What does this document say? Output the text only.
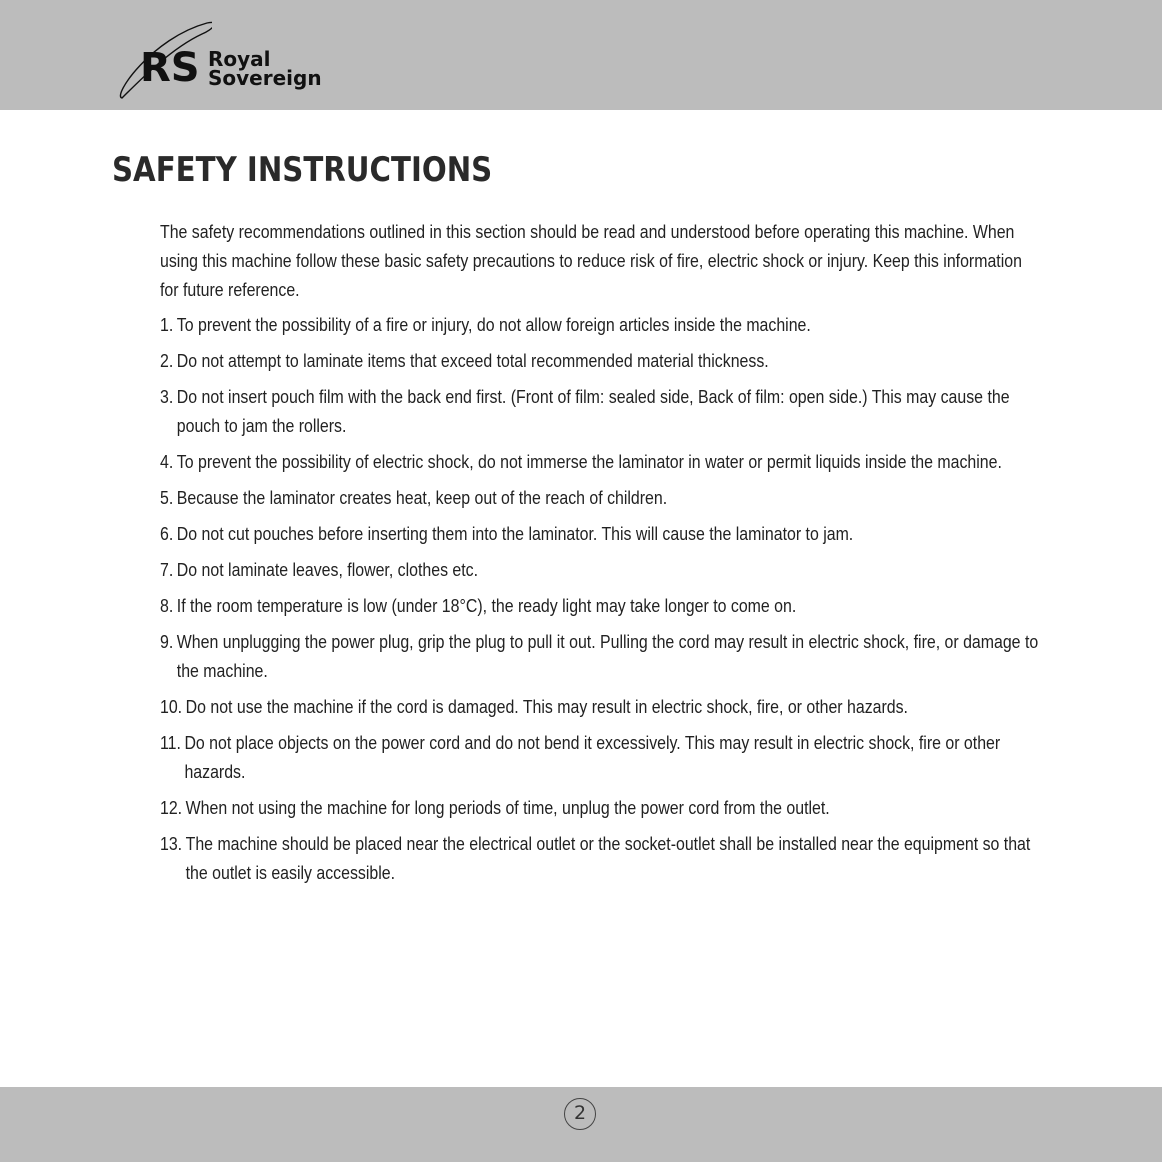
RS Royal
Sovereign
SAFETY INSTRUCTIONS

The safety recommendations outlined in this section should be read and understood before operating this machine. When using this machine follow these basic safety precautions to reduce risk of fire, electric shock or injury. Keep this information for future reference.

1. To prevent the possibility of a fire or injury, do not allow foreign articles inside the machine.
2. Do not attempt to laminate items that exceed total recommended material thickness.
3. Do not insert pouch film with the back end first. (Front of film: sealed side, Back of film: open side.) This may cause the pouch to jam the rollers.
4. To prevent the possibility of electric shock, do not immerse the laminator in water or permit liquids inside the machine.
5. Because the laminator creates heat, keep out of the reach of children.
6. Do not cut pouches before inserting them into the laminator. This will cause the laminator to jam.
7. Do not laminate leaves, flower, clothes etc.
8. If the room temperature is low (under 18°C), the ready light may take longer to come on.
9. When unplugging the power plug, grip the plug to pull it out. Pulling the cord may result in electric shock, fire, or damage to the machine.
10. Do not use the machine if the cord is damaged. This may result in electric shock, fire, or other hazards.
11. Do not place objects on the power cord and do not bend it excessively. This may result in electric shock, fire or other hazards.
12. When not using the machine for long periods of time, unplug the power cord from the outlet.
13. The machine should be placed near the electrical outlet or the socket-outlet shall be installed near the equipment so that the outlet is easily accessible.
2
